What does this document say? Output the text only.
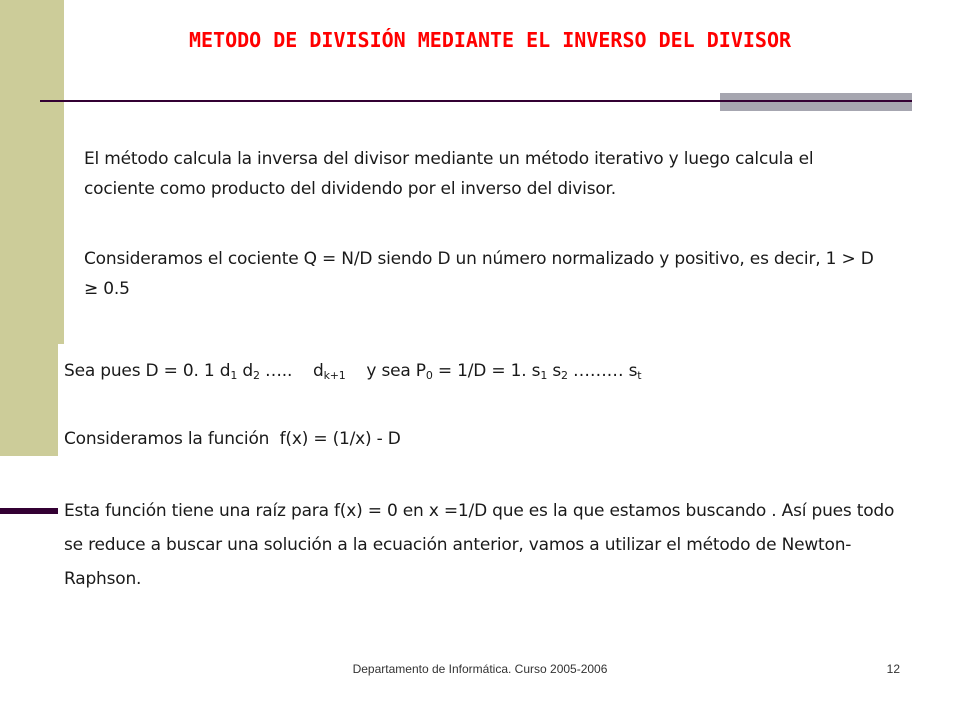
METODO DE DIVISIÓN MEDIANTE EL INVERSO DEL DIVISOR

El método calcula la inversa del divisor mediante un método iterativo y luego calcula el cociente como producto del dividendo por el inverso del divisor.

Consideramos el cociente Q = N/D siendo D un número normalizado y positivo, es decir, 1 > D ≥ 0.5

Sea pues D = 0. 1 $d_1$ $d_2$ …..    $d_{k+1}$    y sea $P_0 = 1/D = 1$. $s_1$ $s_2$ ……… $s_t$

Consideramos la función  f(x) = (1/x) - D

Esta función tiene una raíz para f(x) = 0 en x =1/D que es la que estamos buscando . Así pues todo se reduce a buscar una solución a la ecuación anterior, vamos a utilizar el método de Newton-Raphson.

Departamento de Informática. Curso 2005-2006	12
